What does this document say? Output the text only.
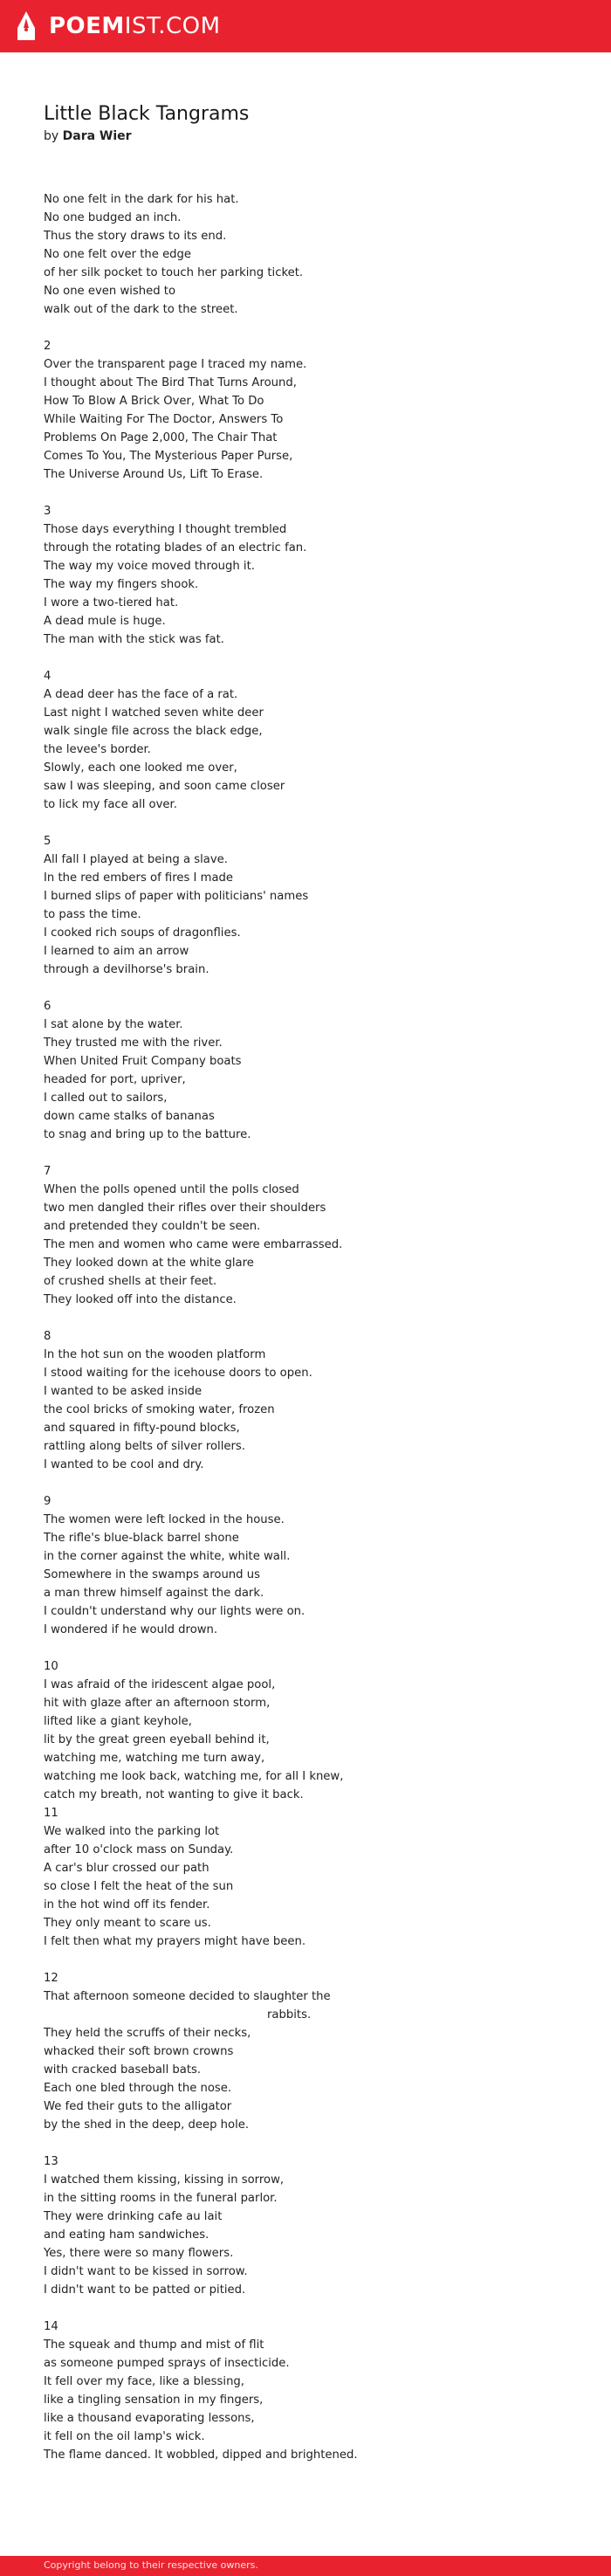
POEMIST.COM
Little Black Tangrams
by Dara Wier
No one felt in the dark for his hat.
No one budged an inch.
Thus the story draws to its end.
No one felt over the edge
of her silk pocket to touch her parking ticket.
No one even wished to
walk out of the dark to the street.
2
Over the transparent page I traced my name.
I thought about The Bird That Turns Around,
How To Blow A Brick Over, What To Do
While Waiting For The Doctor, Answers To
Problems On Page 2,000, The Chair That
Comes To You, The Mysterious Paper Purse,
The Universe Around Us, Lift To Erase.
3
Those days everything I thought trembled
through the rotating blades of an electric fan.
The way my voice moved through it.
The way my fingers shook.
I wore a two-tiered hat.
A dead mule is huge.
The man with the stick was fat.
4
A dead deer has the face of a rat.
Last night I watched seven white deer
walk single file across the black edge,
the levee's border.
Slowly, each one looked me over,
saw I was sleeping, and soon came closer
to lick my face all over.
5
All fall I played at being a slave.
In the red embers of fires I made
I burned slips of paper with politicians' names
to pass the time.
I cooked rich soups of dragonflies.
I learned to aim an arrow
through a devilhorse's brain.
6
I sat alone by the water.
They trusted me with the river.
When United Fruit Company boats
headed for port, upriver,
I called out to sailors,
down came stalks of bananas
to snag and bring up to the batture.
7
When the polls opened until the polls closed
two men dangled their rifles over their shoulders
and pretended they couldn't be seen.
The men and women who came were embarrassed.
They looked down at the white glare
of crushed shells at their feet.
They looked off into the distance.
8
In the hot sun on the wooden platform
I stood waiting for the icehouse doors to open.
I wanted to be asked inside
the cool bricks of smoking water, frozen
and squared in fifty-pound blocks,
rattling along belts of silver rollers.
I wanted to be cool and dry.
9
The women were left locked in the house.
The rifle's blue-black barrel shone
in the corner against the white, white wall.
Somewhere in the swamps around us
a man threw himself against the dark.
I couldn't understand why our lights were on.
I wondered if he would drown.
10
I was afraid of the iridescent algae pool,
hit with glaze after an afternoon storm,
lifted like a giant keyhole,
lit by the great green eyeball behind it,
watching me, watching me turn away,
watching me look back, watching me, for all I knew,
catch my breath, not wanting to give it back.
11
We walked into the parking lot
after 10 o'clock mass on Sunday.
A car's blur crossed our path
so close I felt the heat of the sun
in the hot wind off its fender.
They only meant to scare us.
I felt then what my prayers might have been.
12
That afternoon someone decided to slaughter the
rabbits.
They held the scruffs of their necks,
whacked their soft brown crowns
with cracked baseball bats.
Each one bled through the nose.
We fed their guts to the alligator
by the shed in the deep, deep hole.
13
I watched them kissing, kissing in sorrow,
in the sitting rooms in the funeral parlor.
They were drinking cafe au lait
and eating ham sandwiches.
Yes, there were so many flowers.
I didn't want to be kissed in sorrow.
I didn't want to be patted or pitied.
14
The squeak and thump and mist of flit
as someone pumped sprays of insecticide.
It fell over my face, like a blessing,
like a tingling sensation in my fingers,
like a thousand evaporating lessons,
it fell on the oil lamp's wick.
The flame danced. It wobbled, dipped and brightened.
Copyright belong to their respective owners.
